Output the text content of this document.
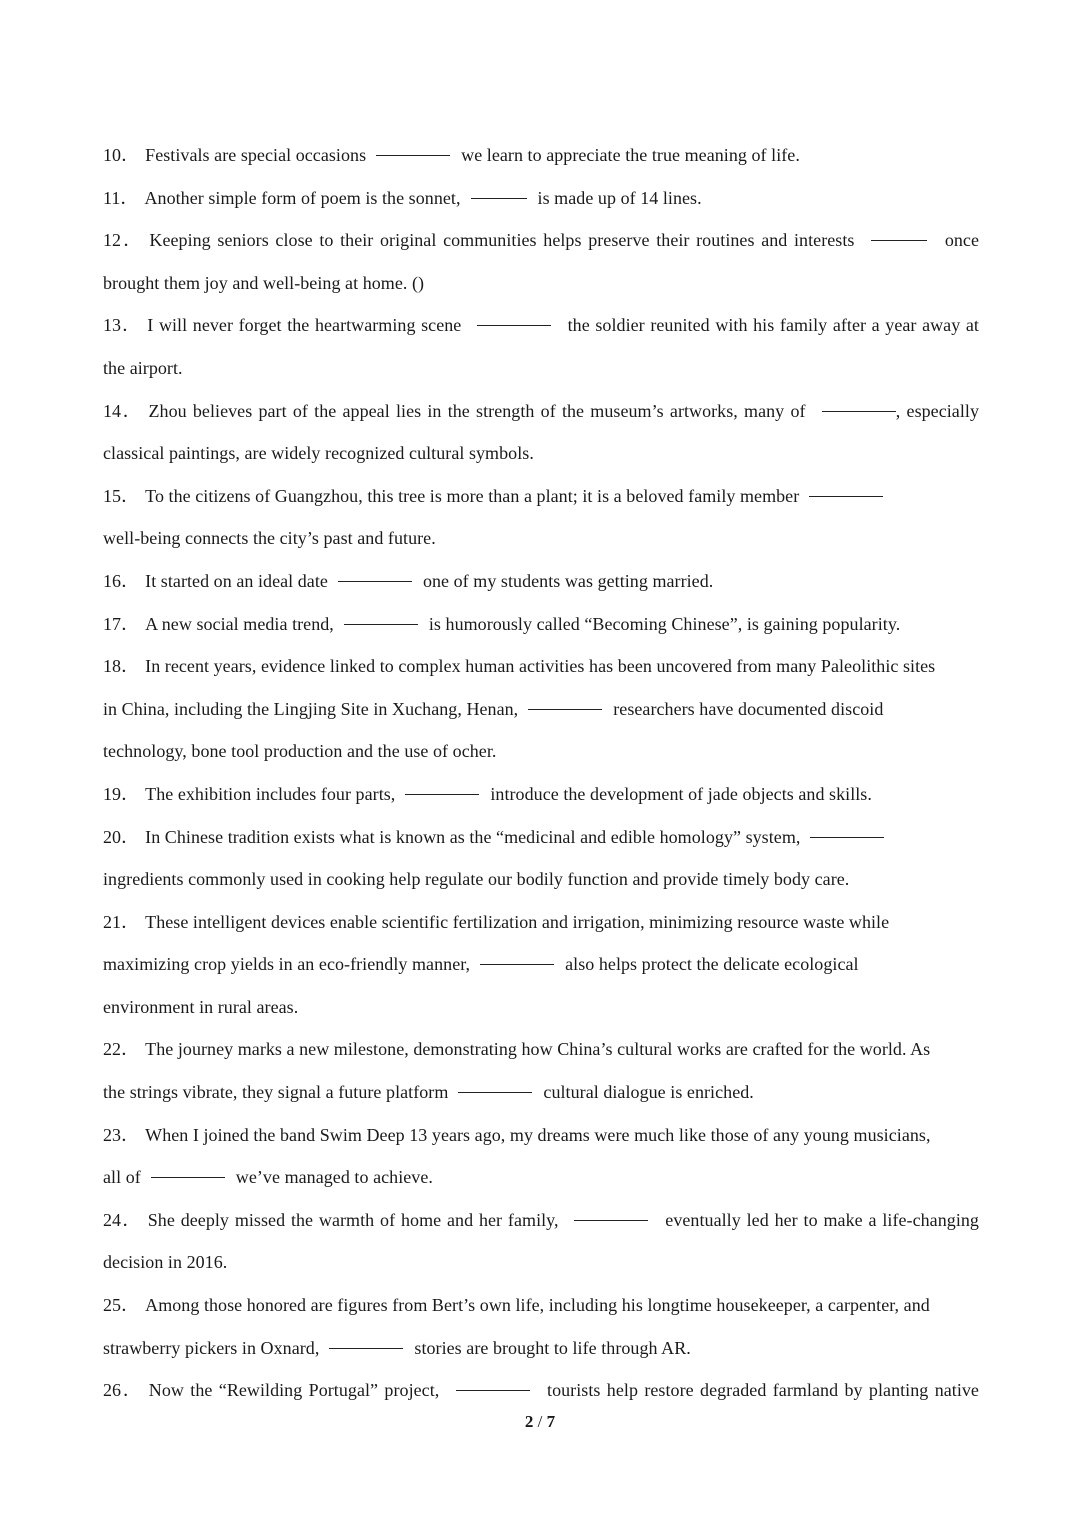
10． Festivals are special occasions	we learn to appreciate the true meaning of life.
11． Another simple form of poem is the sonnet,	is made up of 14 lines.
12． Keeping seniors close to their original communities helps preserve their routines and interests	once
brought them joy and well-being at home. ()
13． I will never forget the heartwarming scene	the soldier reunited with his family after a year away at
the airport.
14． Zhou believes part of the appeal lies in the strength of the museum’s artworks, many of	, especially
classical paintings, are widely recognized cultural symbols.
15． To the citizens of Guangzhou, this tree is more than a plant; it is a beloved family member
well-being connects the city’s past and future.
16． It started on an ideal date	one of my students was getting married.
17． A new social media trend,	is humorously called “Becoming Chinese”, is gaining popularity.
18． In recent years, evidence linked to complex human activities has been uncovered from many Paleolithic sites
in China, including the Lingjing Site in Xuchang, Henan,	researchers have documented discoid
technology, bone tool production and the use of ocher.
19． The exhibition includes four parts,	introduce the development of jade objects and skills.
20． In Chinese tradition exists what is known as the “medicinal and edible homology” system,
ingredients commonly used in cooking help regulate our bodily function and provide timely body care.
21． These intelligent devices enable scientific fertilization and irrigation, minimizing resource waste while
maximizing crop yields in an eco-friendly manner,	also helps protect the delicate ecological
environment in rural areas.
22． The journey marks a new milestone, demonstrating how China’s cultural works are crafted for the world. As
the strings vibrate, they signal a future platform	cultural dialogue is enriched.
23． When I joined the band Swim Deep 13 years ago, my dreams were much like those of any young musicians,
all of	we’ve managed to achieve.
24． She deeply missed the warmth of home and her family,	eventually led her to make a life-changing
decision in 2016.
25． Among those honored are figures from Bert’s own life, including his longtime housekeeper, a carpenter, and
strawberry pickers in Oxnard,	stories are brought to life through AR.
26． Now the “Rewilding Portugal” project,	tourists help restore degraded farmland by planting native
2 / 7
